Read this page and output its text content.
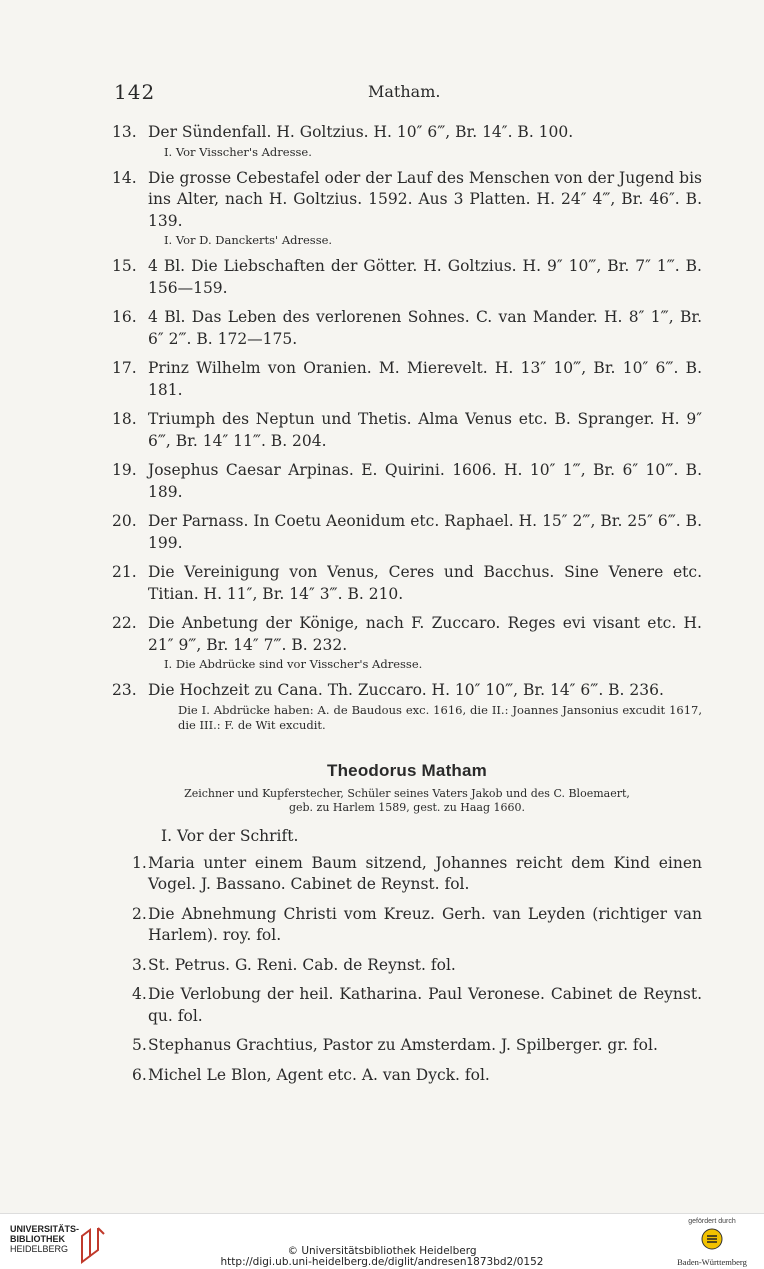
142	Matham.
13. Der Sündenfall. H. Goltzius. H. 10″ 6‴, Br. 14″. B. 100.
I. Vor Visscher's Adresse.
14. Die grosse Cebestafel oder der Lauf des Menschen von der Jugend bis ins Alter, nach H. Goltzius. 1592. Aus 3 Platten. H. 24″ 4‴, Br. 46″. B. 139.
I. Vor D. Danckerts' Adresse.
15. 4 Bl. Die Liebschaften der Götter. H. Goltzius. H. 9″ 10‴, Br. 7″ 1‴. B. 156—159.
16. 4 Bl. Das Leben des verlorenen Sohnes. C. van Mander. H. 8″ 1‴, Br. 6″ 2‴. B. 172—175.
17. Prinz Wilhelm von Oranien. M. Mierevelt. H. 13″ 10‴, Br. 10″ 6‴. B. 181.
18. Triumph des Neptun und Thetis. Alma Venus etc. B. Spranger. H. 9″ 6‴, Br. 14″ 11‴. B. 204.
19. Josephus Caesar Arpinas. E. Quirini. 1606. H. 10″ 1‴, Br. 6″ 10‴. B. 189.
20. Der Parnass. In Coetu Aeonidum etc. Raphael. H. 15″ 2‴, Br. 25″ 6‴. B. 199.
21. Die Vereinigung von Venus, Ceres und Bacchus. Sine Venere etc. Titian. H. 11″, Br. 14″ 3‴. B. 210.
22. Die Anbetung der Könige, nach F. Zuccaro. Reges evi visant etc. H. 21″ 9‴, Br. 14″ 7‴. B. 232.
I. Die Abdrücke sind vor Visscher's Adresse.
23. Die Hochzeit zu Cana. Th. Zuccaro. H. 10″ 10‴, Br. 14″ 6‴. B. 236.
Die I. Abdrücke haben: A. de Baudous exc. 1616, die II.: Joannes Jansonius excudit 1617, die III.: F. de Wit excudit.
Theodorus Matham
Zeichner und Kupferstecher, Schüler seines Vaters Jakob und des C. Bloemaert,
geb. zu Harlem 1589, gest. zu Haag 1660.
I. Vor der Schrift.
1. Maria unter einem Baum sitzend, Johannes reicht dem Kind einen Vogel. J. Bassano. Cabinet de Reynst. fol.
2. Die Abnehmung Christi vom Kreuz. Gerh. van Leyden (richtiger van Harlem). roy. fol.
3. St. Petrus. G. Reni. Cab. de Reynst. fol.
4. Die Verlobung der heil. Katharina. Paul Veronese. Cabinet de Reynst. qu. fol.
5. Stephanus Grachtius, Pastor zu Amsterdam. J. Spilberger. gr. fol.
6. Michel Le Blon, Agent etc. A. van Dyck. fol.
UNIVERSITÄTS-
BIBLIOTHEK
HEIDELBERG	© Universitätsbibliothek Heidelberg
http://digi.ub.uni-heidelberg.de/diglit/andresen1873bd2/0152
gefördert durch
Baden-Württemberg
